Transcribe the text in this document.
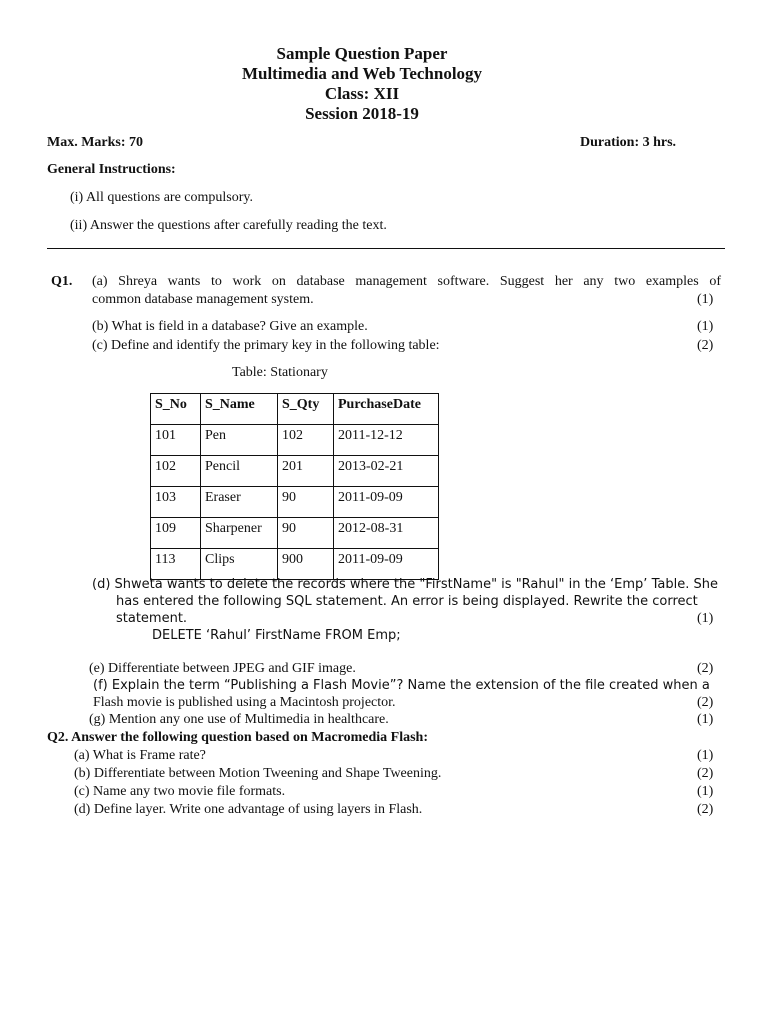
Sample Question Paper
Multimedia and Web Technology
Class: XII
Session 2018-19
Max. Marks: 70	Duration: 3 hrs.
General Instructions:
(i) All questions are compulsory.
(ii) Answer the questions after carefully reading the text.
Q1. (a) Shreya wants to work on database management software. Suggest her any two examples of
common database management system.	(1)
(b) What is field in a database? Give an example.	(1)
(c) Define and identify the primary key in the following table:	(2)
Table: Stationary
S_No	S_Name	S_Qty	PurchaseDate
101	Pen	102	2011-12-12
102	Pencil	201	2013-02-21
103	Eraser	90	2011-09-09
109	Sharpener	90	2012-08-31
113	Clips	900	2011-09-09
(d) Shweta wants to delete the records where the "FirstName" is "Rahul" in the ‘Emp’ Table. She
has entered the following SQL statement. An error is being displayed. Rewrite the correct
statement.	(1)
DELETE ‘Rahul’ FirstName FROM Emp;
(e) Differentiate between JPEG and GIF image.	(2)
(f) Explain the term “Publishing a Flash Movie”? Name the extension of the file created when a
Flash movie is published using a Macintosh projector.	(2)
(g) Mention any one use of Multimedia in healthcare.	(1)
Q2. Answer the following question based on Macromedia Flash:
(a) What is Frame rate?	(1)
(b) Differentiate between Motion Tweening and Shape Tweening.	(2)
(c) Name any two movie file formats.	(1)
(d) Define layer. Write one advantage of using layers in Flash.	(2)
